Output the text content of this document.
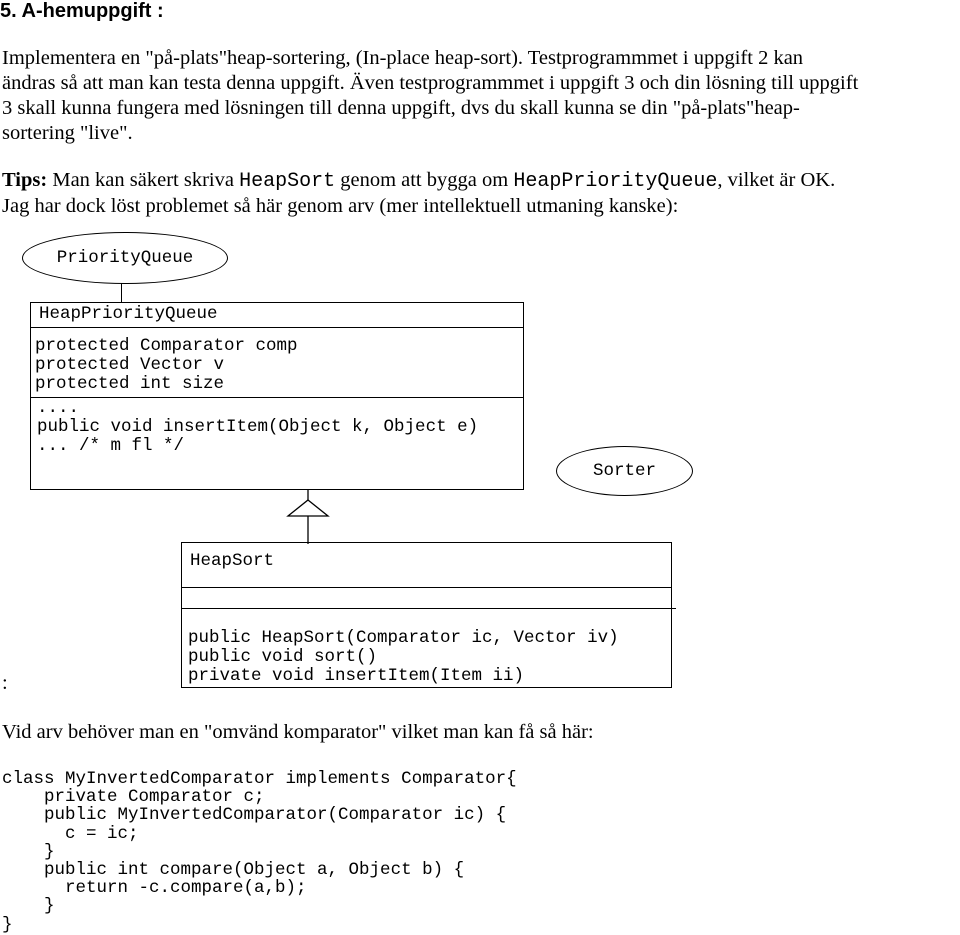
5. A-hemuppgift :
Implementera en "på-plats"heap-sortering, (In-place heap-sort). Testprogrammmet i uppgift 2 kan
ändras så att man kan testa denna uppgift. Även testprogrammmet i uppgift 3 och din lösning till uppgift
3 skall kunna fungera med lösningen till denna uppgift, dvs du skall kunna se din "på-plats"heap-
sortering "live".
Tips: Man kan säkert skriva HeapSort genom att bygga om HeapPriorityQueue, vilket är OK.
Jag har dock löst problemet så här genom arv (mer intellektuell utmaning kanske):
PriorityQueue
HeapPriorityQueue
protected Comparator comp
protected Vector v
protected int size
....
public void insertItem(Object k, Object e)
... /* m fl */
Sorter
HeapSort
public HeapSort(Comparator ic, Vector iv)
public void sort()
private void insertItem(Item ii)
:
Vid arv behöver man en "omvänd komparator" vilket man kan få så här:
class MyInvertedComparator implements Comparator{
private Comparator c;
public MyInvertedComparator(Comparator ic) {
c = ic;
}
public int compare(Object a, Object b) {
return -c.compare(a,b);
}
}
